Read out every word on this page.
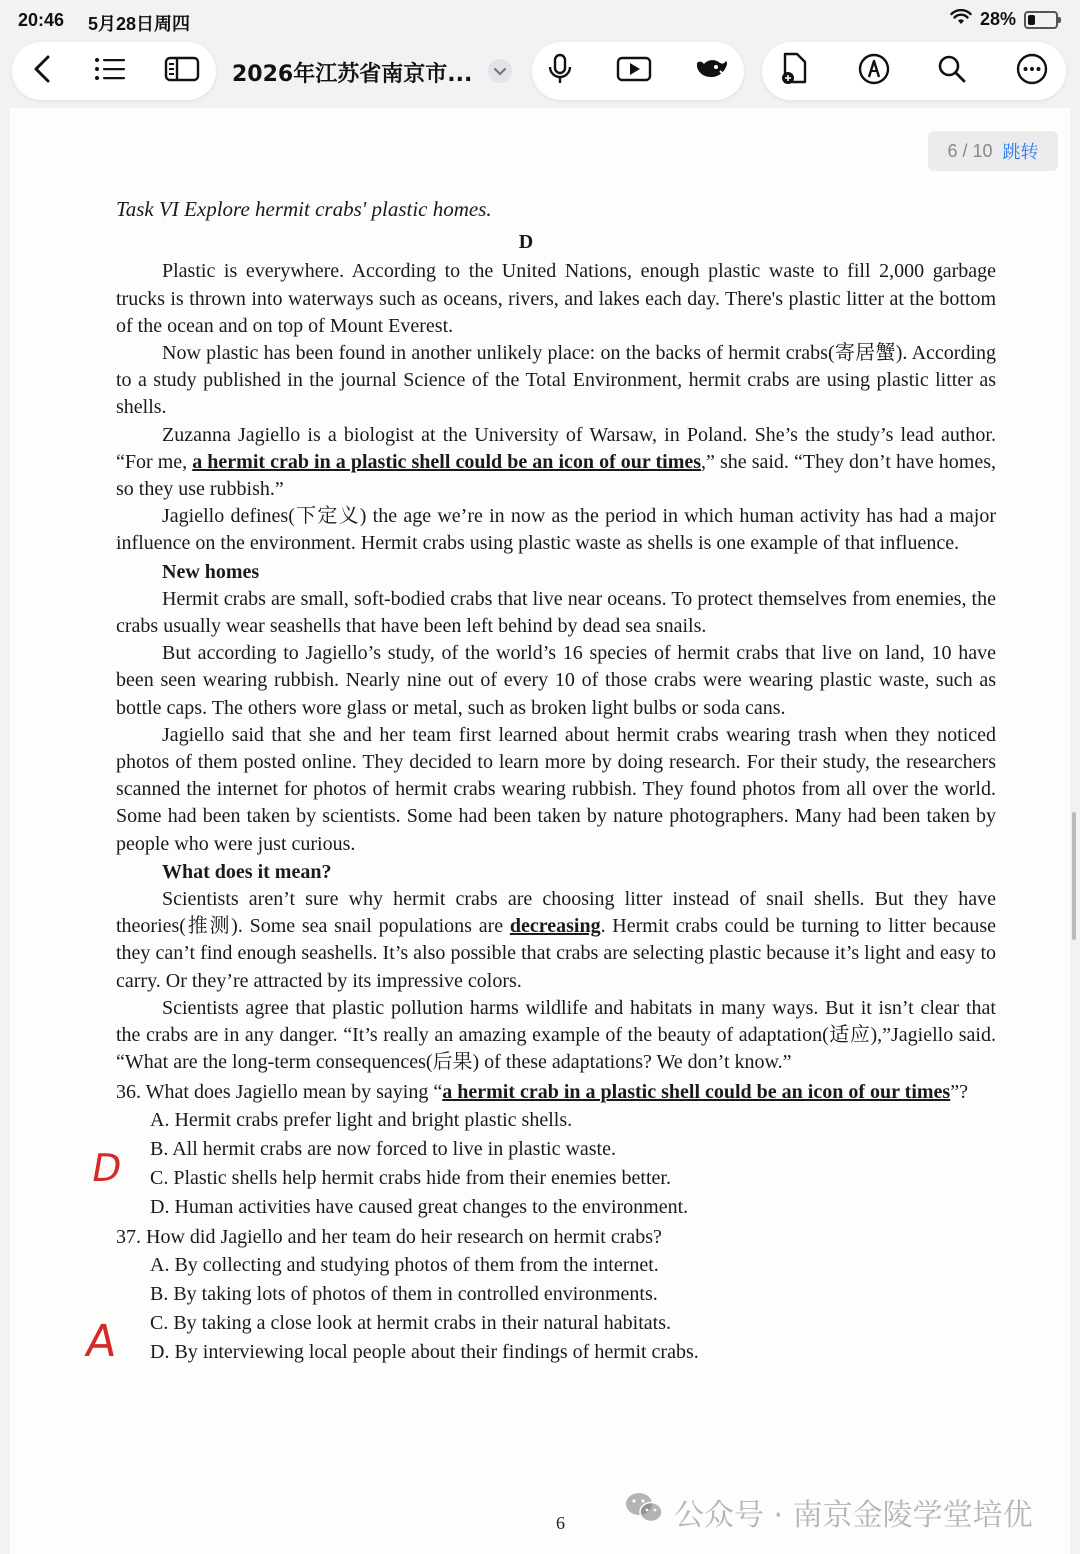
20:46 5月28日周四	28%
2026年江苏省南京市...
6 / 10 跳转
Task VI Explore hermit crabs' plastic homes.
D

Plastic is everywhere. According to the United Nations, enough plastic waste to fill 2,000 garbage trucks is thrown into waterways such as oceans, rivers, and lakes each day. There's plastic litter at the bottom of the ocean and on top of Mount Everest.

Now plastic has been found in another unlikely place: on the backs of hermit crabs(寄居蟹). According to a study published in the journal Science of the Total Environment, hermit crabs are using plastic litter as shells.

Zuzanna Jagiello is a biologist at the University of Warsaw, in Poland. She’s the study’s lead author. “For me, a hermit crab in a plastic shell could be an icon of our times,” she said. “They don’t have homes, so they use rubbish.”

Jagiello defines(下定义) the age we’re in now as the period in which human activity has had a major influence on the environment. Hermit crabs using plastic waste as shells is one example of that influence.

New homes

Hermit crabs are small, soft-bodied crabs that live near oceans. To protect themselves from enemies, the crabs usually wear seashells that have been left behind by dead sea snails.

But according to Jagiello’s study, of the world’s 16 species of hermit crabs that live on land, 10 have been seen wearing rubbish. Nearly nine out of every 10 of those crabs were wearing plastic waste, such as bottle caps. The others wore glass or metal, such as broken light bulbs or soda cans.

Jagiello said that she and her team first learned about hermit crabs wearing trash when they noticed photos of them posted online. They decided to learn more by doing research. For their study, the researchers scanned the internet for photos of hermit crabs wearing rubbish. They found photos from all over the world. Some had been taken by scientists. Some had been taken by nature photographers. Many had been taken by people who were just curious.

What does it mean?

Scientists aren’t sure why hermit crabs are choosing litter instead of snail shells. But they have theories(推测). Some sea snail populations are decreasing. Hermit crabs could be turning to litter because they can’t find enough seashells. It’s also possible that crabs are selecting plastic because it’s light and easy to carry. Or they’re attracted by its impressive colors.

Scientists agree that plastic pollution harms wildlife and habitats in many ways. But it isn’t clear that the crabs are in any danger. “It’s really an amazing example of the beauty of adaptation(适应),”Jagiello said. “What are the long-term consequences(后果) of these adaptations? We don’t know.”

36. What does Jagiello mean by saying “a hermit crab in a plastic shell could be an icon of our times”?
A. Hermit crabs prefer light and bright plastic shells.
B. All hermit crabs are now forced to live in plastic waste.
C. Plastic shells help hermit crabs hide from their enemies better.
D. Human activities have caused great changes to the environment.
37. How did Jagiello and her team do heir research on hermit crabs?
A. By collecting and studying photos of them from the internet.
B. By taking lots of photos of them in controlled environments.
C. By taking a close look at hermit crabs in their natural habitats.
D. By interviewing local people about their findings of hermit crabs.
D
A
6	公众号 · 南京金陵学堂培优
